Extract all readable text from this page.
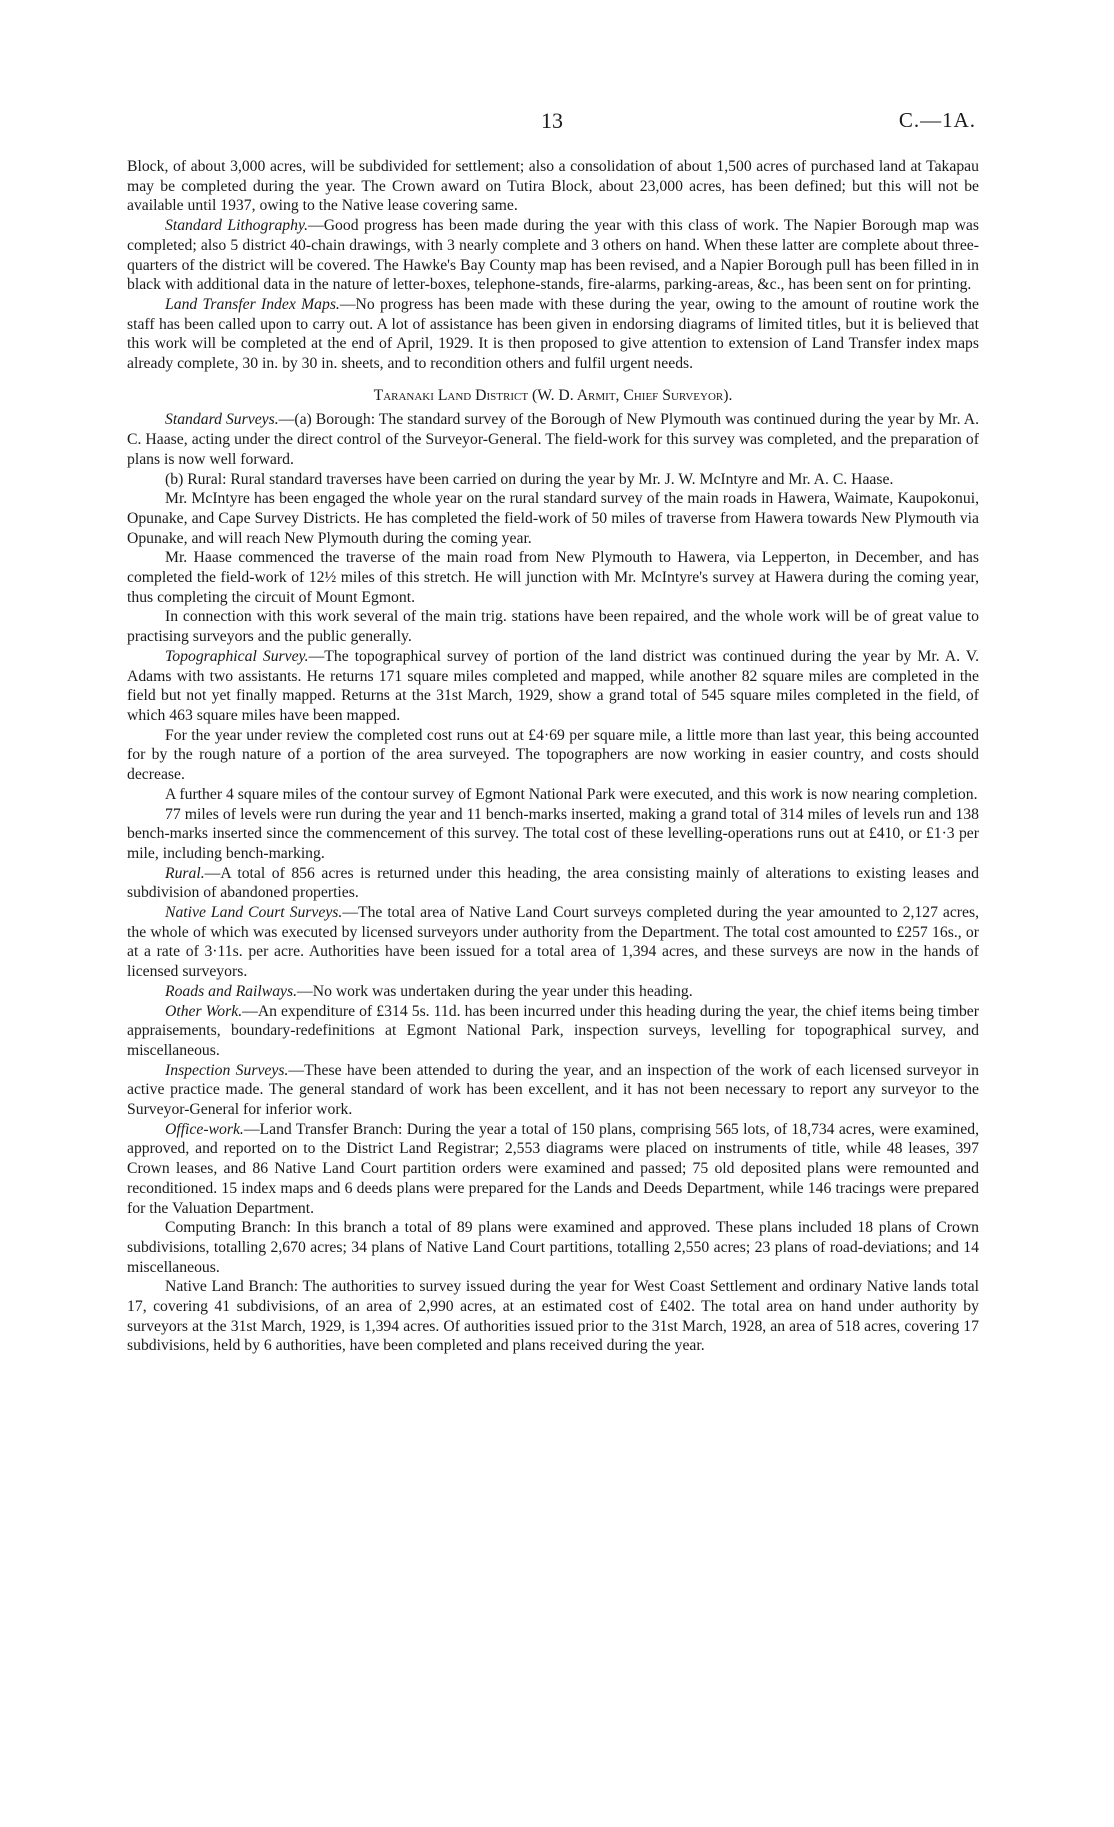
13	C.—1A.

Block, of about 3,000 acres, will be subdivided for settlement; also a consolidation of about 1,500 acres of purchased land at Takapau may be completed during the year. The Crown award on Tutira Block, about 23,000 acres, has been defined; but this will not be available until 1937, owing to the Native lease covering same.

Standard Lithography.—Good progress has been made during the year with this class of work. The Napier Borough map was completed; also 5 district 40-chain drawings, with 3 nearly complete and 3 others on hand. When these latter are complete about three-quarters of the district will be covered. The Hawke's Bay County map has been revised, and a Napier Borough pull has been filled in in black with additional data in the nature of letter-boxes, telephone-stands, fire-alarms, parking-areas, &c., has been sent on for printing.

Land Transfer Index Maps.—No progress has been made with these during the year, owing to the amount of routine work the staff has been called upon to carry out. A lot of assistance has been given in endorsing diagrams of limited titles, but it is believed that this work will be completed at the end of April, 1929. It is then proposed to give attention to extension of Land Transfer index maps already complete, 30 in. by 30 in. sheets, and to recondition others and fulfil urgent needs.

Taranaki Land District (W. D. Armit, Chief Surveyor).

Standard Surveys.—(a) Borough: The standard survey of the Borough of New Plymouth was continued during the year by Mr. A. C. Haase, acting under the direct control of the Surveyor-General. The field-work for this survey was completed, and the preparation of plans is now well forward.

(b) Rural: Rural standard traverses have been carried on during the year by Mr. J. W. McIntyre and Mr. A. C. Haase.

Mr. McIntyre has been engaged the whole year on the rural standard survey of the main roads in Hawera, Waimate, Kaupokonui, Opunake, and Cape Survey Districts. He has completed the field-work of 50 miles of traverse from Hawera towards New Plymouth via Opunake, and will reach New Plymouth during the coming year.

Mr. Haase commenced the traverse of the main road from New Plymouth to Hawera, via Lepperton, in December, and has completed the field-work of 12½ miles of this stretch. He will junction with Mr. McIntyre's survey at Hawera during the coming year, thus completing the circuit of Mount Egmont.

In connection with this work several of the main trig. stations have been repaired, and the whole work will be of great value to practising surveyors and the public generally.

Topographical Survey.—The topographical survey of portion of the land district was continued during the year by Mr. A. V. Adams with two assistants. He returns 171 square miles completed and mapped, while another 82 square miles are completed in the field but not yet finally mapped. Returns at the 31st March, 1929, show a grand total of 545 square miles completed in the field, of which 463 square miles have been mapped.

For the year under review the completed cost runs out at £4·69 per square mile, a little more than last year, this being accounted for by the rough nature of a portion of the area surveyed. The topographers are now working in easier country, and costs should decrease.

A further 4 square miles of the contour survey of Egmont National Park were executed, and this work is now nearing completion.

77 miles of levels were run during the year and 11 bench-marks inserted, making a grand total of 314 miles of levels run and 138 bench-marks inserted since the commencement of this survey. The total cost of these levelling-operations runs out at £410, or £1·3 per mile, including bench-marking.

Rural.—A total of 856 acres is returned under this heading, the area consisting mainly of alterations to existing leases and subdivision of abandoned properties.

Native Land Court Surveys.—The total area of Native Land Court surveys completed during the year amounted to 2,127 acres, the whole of which was executed by licensed surveyors under authority from the Department. The total cost amounted to £257 16s., or at a rate of 3·11s. per acre. Authorities have been issued for a total area of 1,394 acres, and these surveys are now in the hands of licensed surveyors.

Roads and Railways.—No work was undertaken during the year under this heading.

Other Work.—An expenditure of £314 5s. 11d. has been incurred under this heading during the year, the chief items being timber appraisements, boundary-redefinitions at Egmont National Park, inspection surveys, levelling for topographical survey, and miscellaneous.

Inspection Surveys.—These have been attended to during the year, and an inspection of the work of each licensed surveyor in active practice made. The general standard of work has been excellent, and it has not been necessary to report any surveyor to the Surveyor-General for inferior work.

Office-work.—Land Transfer Branch: During the year a total of 150 plans, comprising 565 lots, of 18,734 acres, were examined, approved, and reported on to the District Land Registrar; 2,553 diagrams were placed on instruments of title, while 48 leases, 397 Crown leases, and 86 Native Land Court partition orders were examined and passed; 75 old deposited plans were remounted and reconditioned. 15 index maps and 6 deeds plans were prepared for the Lands and Deeds Department, while 146 tracings were prepared for the Valuation Department.

Computing Branch: In this branch a total of 89 plans were examined and approved. These plans included 18 plans of Crown subdivisions, totalling 2,670 acres; 34 plans of Native Land Court partitions, totalling 2,550 acres; 23 plans of road-deviations; and 14 miscellaneous.

Native Land Branch: The authorities to survey issued during the year for West Coast Settlement and ordinary Native lands total 17, covering 41 subdivisions, of an area of 2,990 acres, at an estimated cost of £402. The total area on hand under authority by surveyors at the 31st March, 1929, is 1,394 acres. Of authorities issued prior to the 31st March, 1928, an area of 518 acres, covering 17 subdivisions, held by 6 authorities, have been completed and plans received during the year.
